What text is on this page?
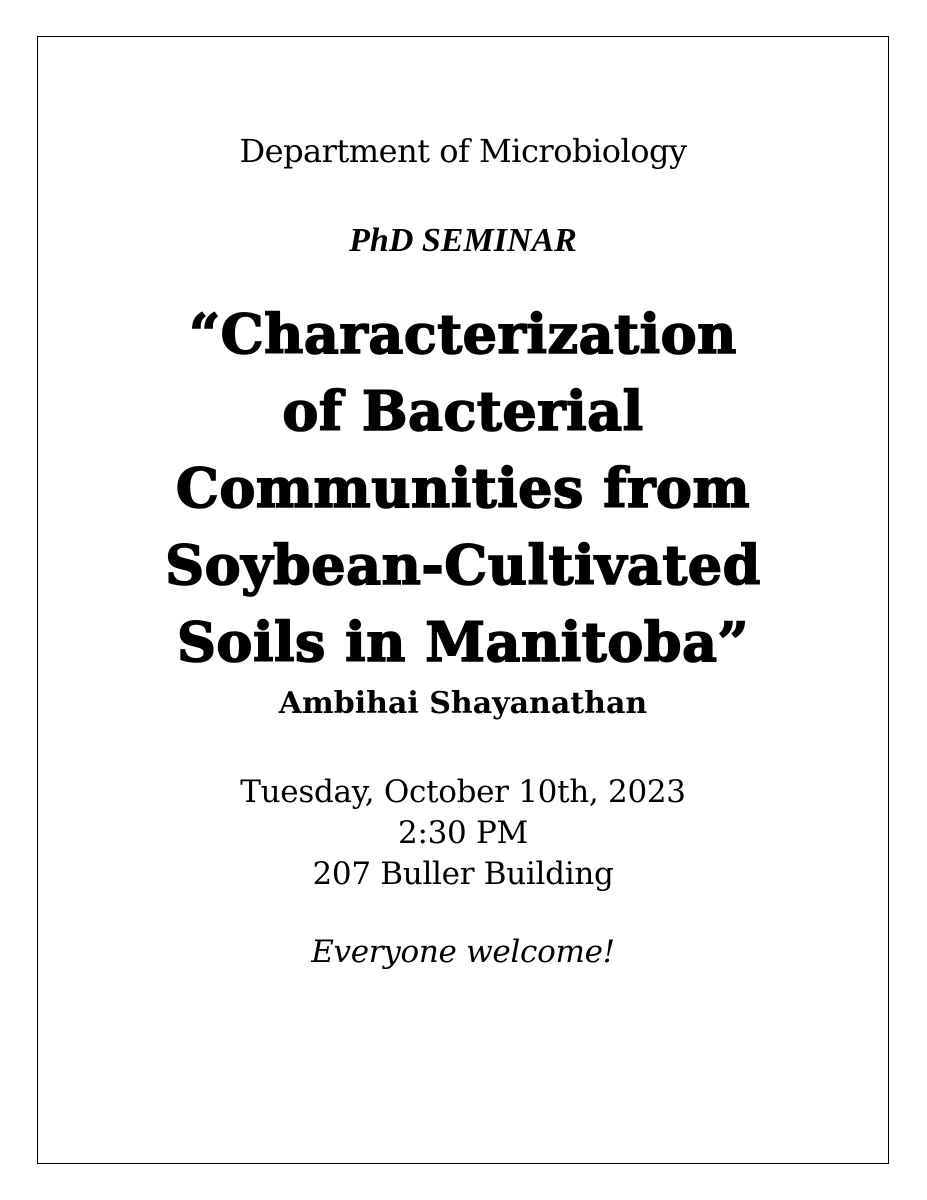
Department of Microbiology
PhD SEMINAR
“Characterization
of Bacterial
Communities from
Soybean-Cultivated
Soils in Manitoba”
Ambihai Shayanathan
Tuesday, October 10th, 2023
2:30 PM
207 Buller Building
Everyone welcome!
